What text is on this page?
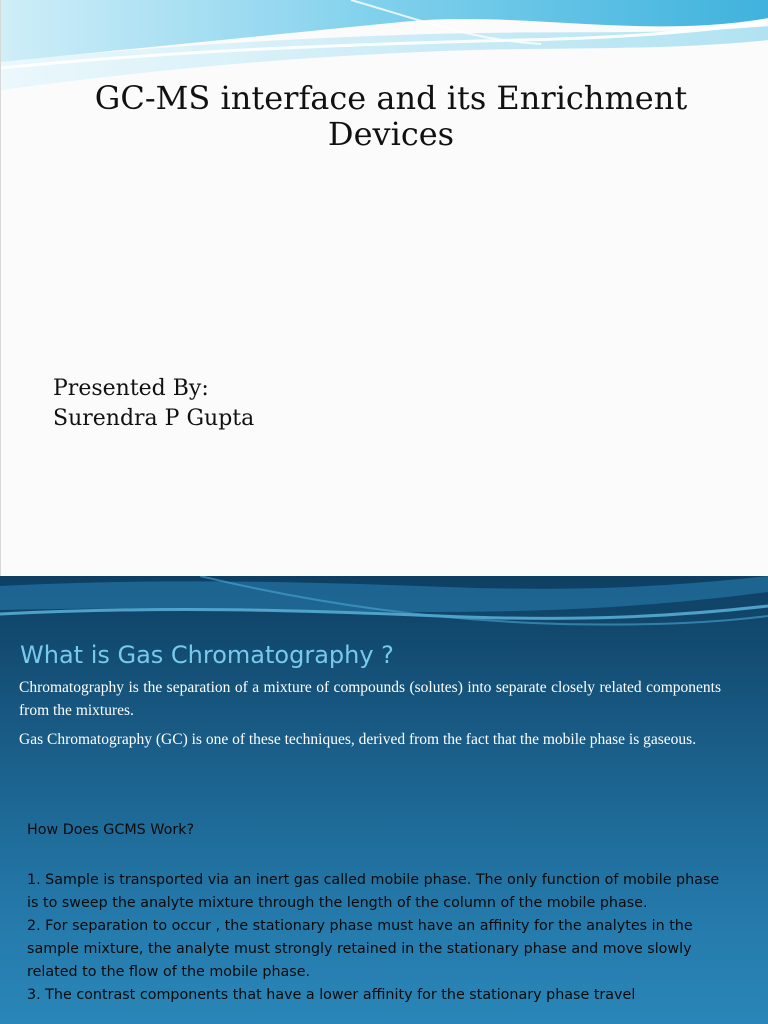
GC-MS interface and its Enrichment Devices
Presented By:
Surendra P Gupta
What is Gas Chromatography ?
Chromatography is the separation of a mixture of compounds (solutes) into separate closely related components from the mixtures.
Gas Chromatography (GC) is one of these techniques, derived from the fact that the mobile phase is gaseous.
How Does GCMS Work?
1. Sample is transported via an inert gas called mobile phase. The only function of mobile phase is to sweep the analyte mixture through the length of the column of the mobile phase.
2. For separation to occur , the stationary phase must have an affinity for the analytes in the sample mixture, the analyte must strongly retained in the stationary phase and move slowly related to the flow of the mobile phase.
3. The contrast components that have a lower affinity for the stationary phase travel
